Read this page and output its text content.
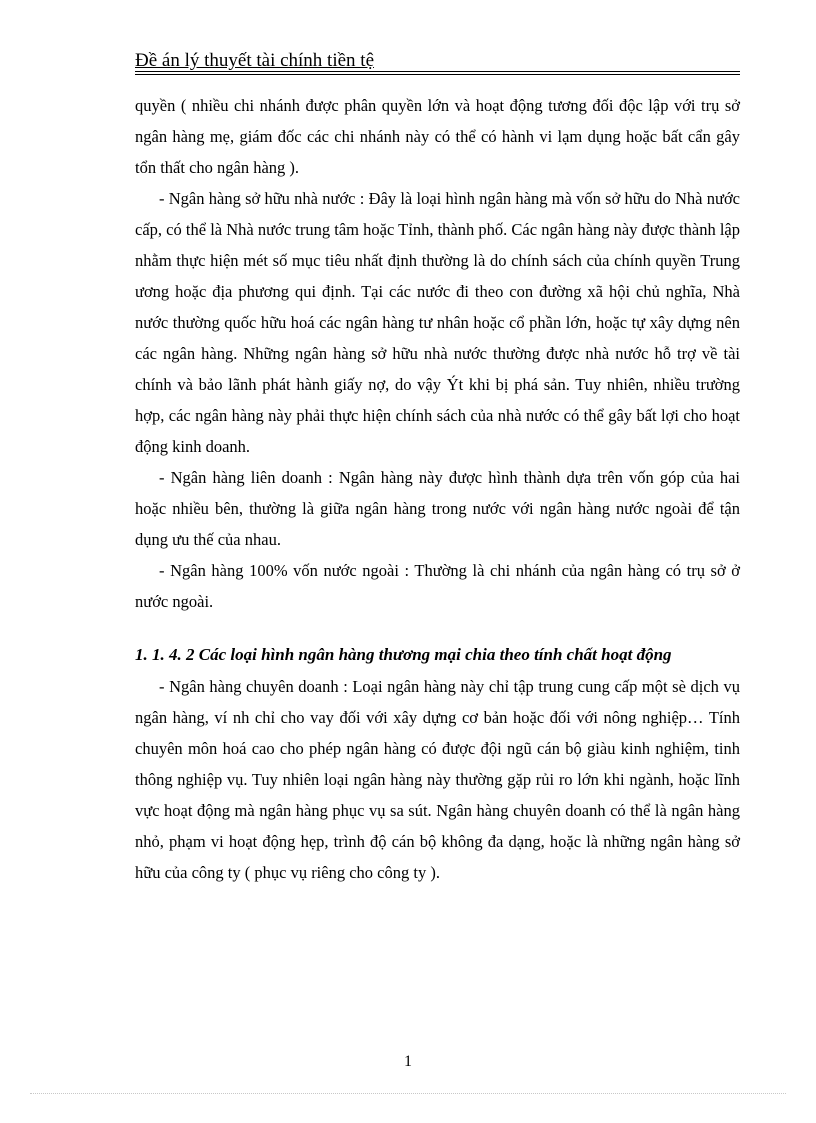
Đề án lý thuyết tài chính tiền tệ

quyền ( nhiều chi nhánh được phân quyền lớn và hoạt động tương đối độc lập với trụ sở ngân hàng mẹ, giám đốc các chi nhánh này có thể có hành vi lạm dụng hoặc bất cẩn gây tổn thất cho ngân hàng ).

- Ngân hàng sở hữu nhà nước : Đây là loại hình ngân hàng mà vốn sở hữu do Nhà nước cấp, có thể là Nhà nước trung tâm hoặc Tỉnh, thành phố. Các ngân hàng này được thành lập nhằm thực hiện mét số mục tiêu nhất định thường là do chính sách của chính quyền Trung ương hoặc địa phương qui định. Tại các nước đi theo con đường xã hội chủ nghĩa, Nhà nước thường quốc hữu hoá các ngân hàng tư nhân hoặc cổ phần lớn, hoặc tự xây dựng nên các ngân hàng. Những ngân hàng sở hữu nhà nước thường được nhà nước hỗ trợ về tài chính và bảo lãnh phát hành giấy nợ, do vậy Ýt khi bị phá sản. Tuy nhiên, nhiều trường hợp, các ngân hàng này phải thực hiện chính sách của nhà nước có thể gây bất lợi cho hoạt động kinh doanh.

- Ngân hàng liên doanh : Ngân hàng này được hình thành dựa trên vốn góp của hai hoặc nhiều bên, thường là giữa ngân hàng trong nước với ngân hàng nước ngoài để tận dụng ưu thế của nhau.

- Ngân hàng 100% vốn nước ngoài : Thường là chi nhánh của ngân hàng có trụ sở ở nước ngoài.

1. 1. 4. 2 Các loại hình ngân hàng thương mại chia theo tính chất hoạt động

- Ngân hàng chuyên doanh : Loại ngân hàng này chỉ tập trung cung cấp một sè dịch vụ ngân hàng, ví nh chỉ cho vay đối với xây dựng cơ bản hoặc đối với nông nghiệp… Tính chuyên môn hoá cao cho phép ngân hàng có được đội ngũ cán bộ giàu kinh nghiệm, tinh thông nghiệp vụ. Tuy nhiên loại ngân hàng này thường gặp rủi ro lớn khi ngành, hoặc lĩnh vực hoạt động mà ngân hàng phục vụ sa sút. Ngân hàng chuyên doanh có thể là ngân hàng nhỏ, phạm vi hoạt động hẹp, trình độ cán bộ không đa dạng, hoặc là những ngân hàng sở hữu của công ty ( phục vụ riêng cho công ty ).

1
